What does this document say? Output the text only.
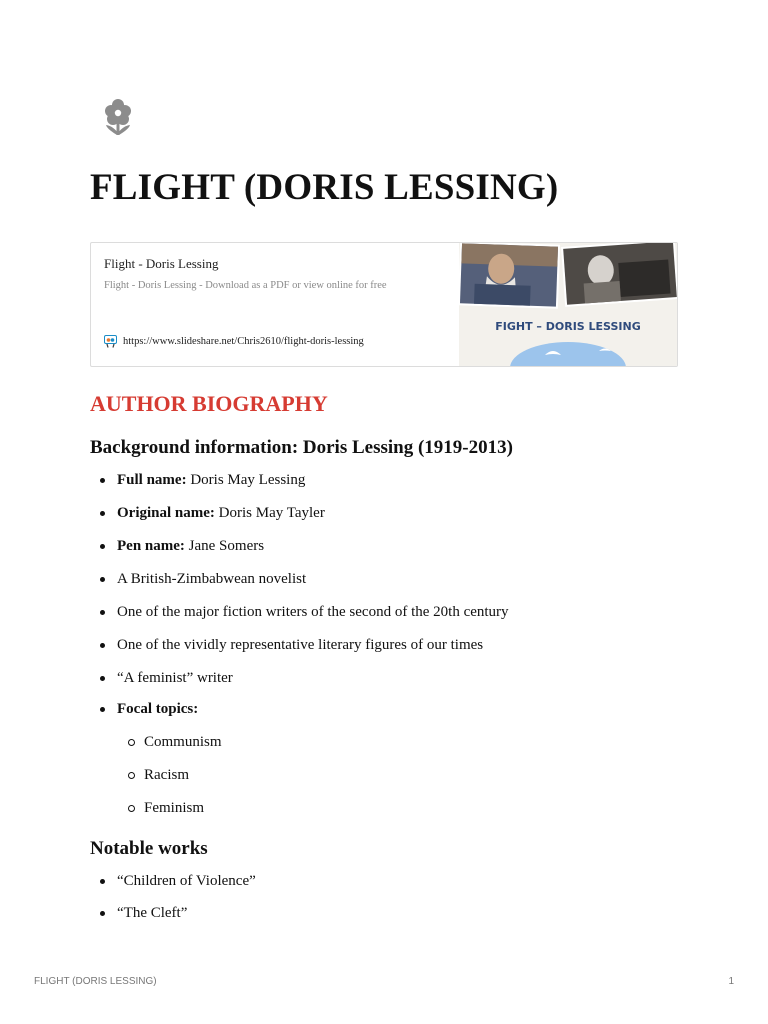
FLIGHT (DORIS LESSING)
Flight - Doris Lessing
Flight - Doris Lessing - Download as a PDF or view online for free
https://www.slideshare.net/Chris2610/flight-doris-lessing
FIGHT – DORIS LESSING
AUTHOR BIOGRAPHY
Background information: Doris Lessing (1919-2013)
Full name: Doris May Lessing
Original name: Doris May Tayler
Pen name: Jane Somers
A British-Zimbabwean novelist
One of the major fiction writers of the second of the 20th century
One of the vividly representative literary figures of our times
“A feminist” writer
Focal topics:
Communism
Racism
Feminism
Notable works
“Children of Violence”
“The Cleft”
FLIGHT (DORIS LESSING)	1
